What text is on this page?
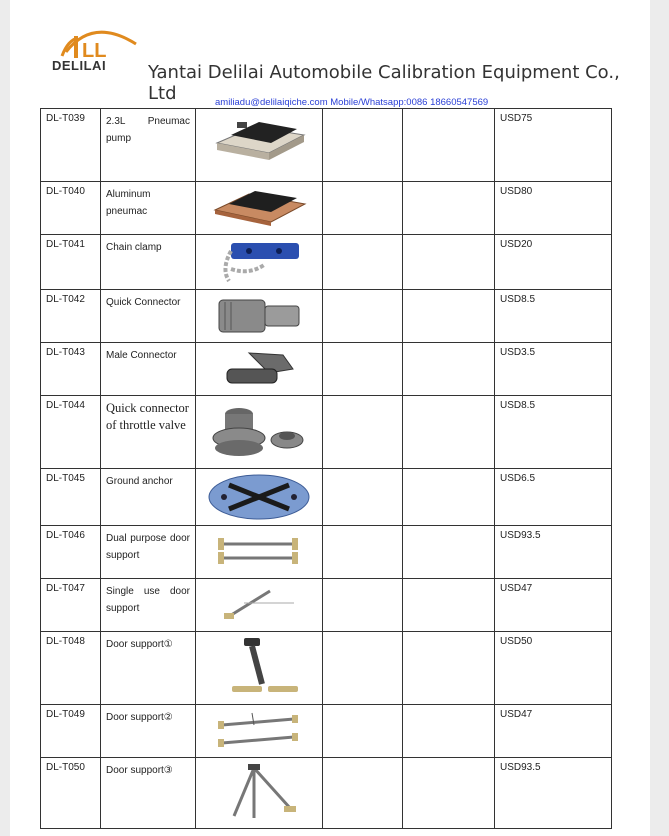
LL
DELILAI Yantai Delilai Automobile Calibration Equipment Co., Ltd	amiliadu@delilaiqiche.com Mobile/Whatsapp:0086 18660547569
DL-T039	2.3L Pneumac pump				USD75
DL-T040	Aluminum pneumac				USD80
DL-T041	Chain clamp				USD20
DL-T042	Quick Connector				USD8.5
DL-T043	Male Connector				USD3.5
DL-T044	Quick connector of throttle valve				USD8.5
DL-T045	Ground anchor				USD6.5
DL-T046	Dual purpose door support				USD93.5
DL-T047	Single use door support				USD47
DL-T048	Door support①				USD50
DL-T049	Door support②				USD47
DL-T050	Door support③				USD93.5
